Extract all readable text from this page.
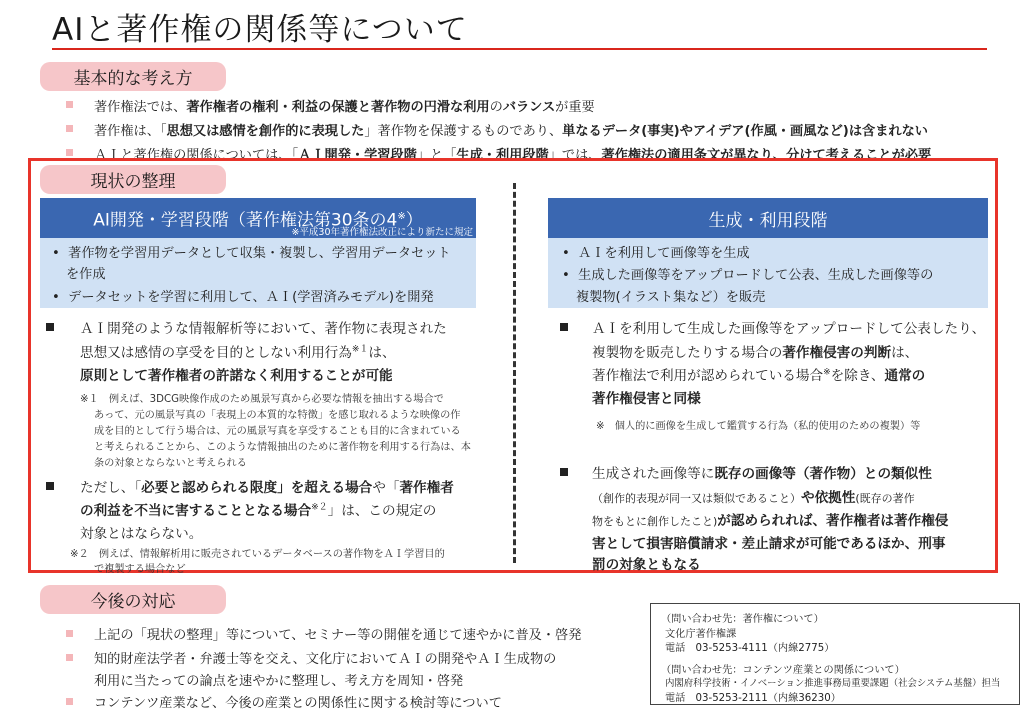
AIと著作権の関係等について
基本的な考え方
著作権法では、著作権者の権利・利益の保護と著作物の円滑な利用のバランスが重要
著作権は、「思想又は感情を創作的に表現した」著作物を保護するものであり、単なるデータ(事実)やアイデア(作風・画風など)は含まれない
ＡＩと著作権の関係については、「ＡＩ開発・学習段階」と「生成・利用段階」では、著作権法の適用条文が異なり、分けて考えることが必要
現状の整理
AI開発・学習段階（著作権法第30条の4※）
※平成30年著作権法改正により新たに規定
•  著作物を学習用データとして収集・複製し、学習用データセット
を作成
•  データセットを学習に利用して、ＡＩ(学習済みモデル)を開発
ＡＩ開発のような情報解析等において、著作物に表現された
思想又は感情の享受を目的としない利用行為$^{※1}$は、
原則として著作権者の許諾なく利用することが可能
※１　例えば、3DCG映像作成のため風景写真から必要な情報を抽出する場合で
あって、元の風景写真の「表現上の本質的な特徴」を感じ取れるような映像の作
成を目的として行う場合は、元の風景写真を享受することも目的に含まれている
と考えられることから、このような情報抽出のために著作物を利用する行為は、本
条の対象とならないと考えられる
ただし、「必要と認められる限度」を超える場合や「著作権者
の利益を不当に害することとなる場合$^{※2}$」は、この規定の
対象とはならない。
※２　例えば、情報解析用に販売されているデータベースの著作物をＡＩ学習目的
で複製する場合など
生成・利用段階
•  ＡＩを利用して画像等を生成
•  生成した画像等をアップロードして公表、生成した画像等の
複製物(イラスト集など）を販売
ＡＩを利用して生成した画像等をアップロードして公表したり、
複製物を販売したりする場合の著作権侵害の判断は、
著作権法で利用が認められている場合※を除き、通常の
著作権侵害と同様
※　個人的に画像を生成して鑑賞する行為（私的使用のための複製）等
生成された画像等に既存の画像等（著作物）との類似性
（創作的表現が同一又は類似であること）や依拠性(既存の著作
物をもとに創作したこと)が認められれば、著作権者は著作権侵
害として損害賠償請求・差止請求が可能であるほか、刑事
罰の対象ともなる
今後の対応
上記の「現状の整理」等について、セミナー等の開催を通じて速やかに普及・啓発
知的財産法学者・弁護士等を交え、文化庁においてＡＩの開発やＡＩ生成物の
利用に当たっての論点を速やかに整理し、考え方を周知・啓発
コンテンツ産業など、今後の産業との関係性に関する検討等について
（問い合わせ先：著作権について）
文化庁著作権課
電話　03-5253-4111（内線2775）
（問い合わせ先：コンテンツ産業との関係について）
内閣府科学技術・イノベーション推進事務局重要課題（社会システム基盤）担当
電話　03-5253-2111（内線36230）
